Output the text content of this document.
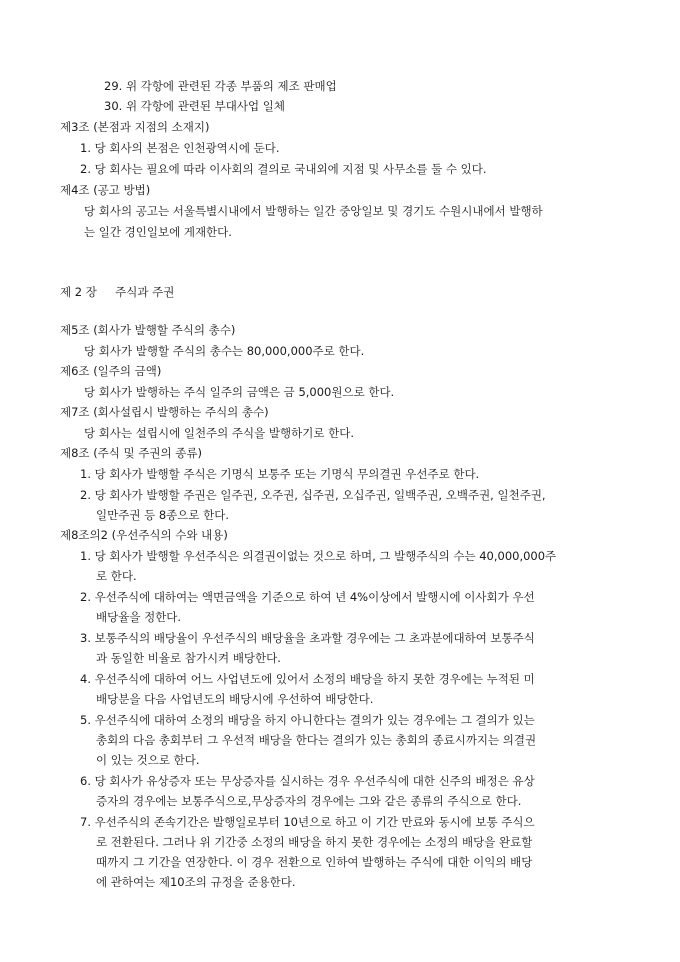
29. 위 각항에 관련된 각종 부품의 제조 판매업
30. 위 각항에 관련된 부대사업 일체
제3조 (본점과 지점의 소재지)
1. 당 회사의 본점은 인천광역시에 둔다.
2. 당 회사는 필요에 따라 이사회의 결의로 국내외에 지점 및 사무소를 둘 수 있다.
제4조 (공고 방법)
당 회사의 공고는 서울특별시내에서 발행하는 일간 중앙일보 및 경기도 수원시내에서 발행하
는 일간 경인일보에 게재한다.
제 2 장     주식과 주권
제5조 (회사가 발행할 주식의 총수)
당 회사가 발행할 주식의 총수는 80,000,000주로 한다.
제6조 (일주의 금액)
당 회사가 발행하는 주식 일주의 금액은 금 5,000원으로 한다.
제7조 (회사설립시 발행하는 주식의 총수)
당 회사는 설립시에 일천주의 주식을 발행하기로 한다.
제8조 (주식 및 주권의 종류)
1. 당 회사가 발행할 주식은 기명식 보통주 또는 기명식 무의결권 우선주로 한다.
2. 당 회사가 발행할 주권은 일주권, 오주권, 십주권, 오십주권, 일백주권, 오백주권, 일천주권,
일만주권 등 8종으로 한다.
제8조의2 (우선주식의 수와 내용)
1. 당 회사가 발행할 우선주식은 의결권이없는 것으로 하며, 그 발행주식의 수는 40,000,000주
로 한다.
2. 우선주식에 대하여는 액면금액을 기준으로 하여 년 4%이상에서 발행시에 이사회가 우선
배당율을 정한다.
3. 보통주식의 배당율이 우선주식의 배당율을 초과할 경우에는 그 초과분에대하여 보통주식
과 동일한 비율로 참가시켜 배당한다.
4. 우선주식에 대하여 어느 사업년도에 있어서 소정의 배당을 하지 못한 경우에는 누적된 미
배당분을 다음 사업년도의 배당시에 우선하여 배당한다.
5. 우선주식에 대하여 소정의 배당을 하지 아니한다는 결의가 있는 경우에는 그 결의가 있는
총회의 다음 총회부터 그 우선적 배당을 한다는 결의가 있는 총회의 종료시까지는 의결권
이 있는 것으로 한다.
6. 당 회사가 유상증자 또는 무상증자를 실시하는 경우 우선주식에 대한 신주의 배정은 유상
증자의 경우에는 보통주식으로,무상증자의 경우에는 그와 같은 종류의 주식으로 한다.
7. 우선주식의 존속기간은 발행일로부터 10년으로 하고 이 기간 만료와 동시에 보통 주식으
로 전환된다. 그러나 위 기간중 소정의 배당을 하지 못한 경우에는 소정의 배당을 완료할
때까지 그 기간을 연장한다. 이 경우 전환으로 인하여 발행하는 주식에 대한 이익의 배당
에 관하여는 제10조의 규정을 준용한다.
